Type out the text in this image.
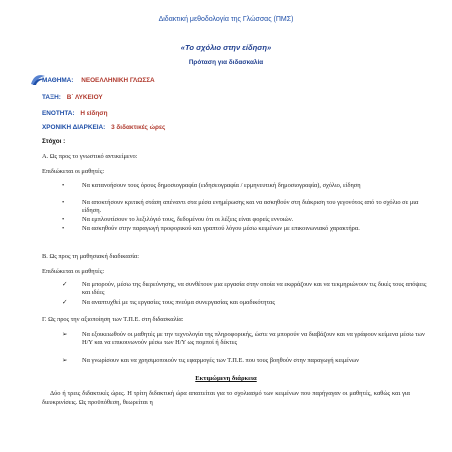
Διδακτική μεθοδολογία της Γλώσσας (ΠΜΣ)
«Το σχόλιο στην είδηση»
Πρόταση για διδασκαλία
ΜΑΘΗΜΑ: ΝΕΟΕΛΛΗΝΙΚΗ ΓΛΩΣΣΑ
ΤΑΞΗ: Β΄ ΛΥΚΕΙΟΥ
ΕΝΟΤΗΤΑ: Η είδηση
ΧΡΟΝΙΚΗ ΔΙΑΡΚΕΙΑ: 3 διδακτικές ώρες
Στόχοι :
Α. Ως προς το γνωστικό αντικείμενο:
Επιδιώκεται οι μαθητές:
•	Να κατανοήσουν τους όρους δημοσιογραφία (ειδησεογραφία / ερμηνευτική δημοσιογραφία), σχόλιο, είδηση
•	Να αποκτήσουν κριτική στάση απέναντι στα μέσα ενημέρωσης και να ασκηθούν στη διάκριση του γεγονότος από το σχόλιο σε μια είδηση.
•	Να εμπλουτίσουν το λεξιλόγιό τους, δεδομένου ότι οι λέξεις είναι φορείς εννοιών.
•	Να ασκηθούν στην παραγωγή προφορικού και γραπτού λόγου μέσω κειμένων με επικοινωνιακό χαρακτήρα.
Β. Ως προς τη μαθησιακή διαδικασία:
Επιδιώκεται οι μαθητές:
✓ Να μπορούν, μέσω της διερεύνησης, να συνθέτουν μια εργασία στην οποία να εκφράζουν και να τεκμηριώνουν τις δικές τους απόψεις και ιδέες
✓ Να αναπτυχθεί με τις εργασίες τους πνεύμα συνεργασίας και ομαδικότητας
Γ. Ως προς την αξιοποίηση των Τ.Π.Ε. στη διδασκαλία:
➢ Να εξοικειωθούν οι μαθητές με την τεχνολογία της πληροφορικής, ώστε να μπορούν να διαβάζουν και να γράφουν κείμενα μέσω των Η/Υ και να επικοινωνούν μέσω των Η/Υ ως πομποί ή δέκτες
➢ Να γνωρίσουν και να χρησιμοποιούν τις εφαρμογές των Τ.Π.Ε. που τους βοηθούν στην παραγωγή κειμένων
Εκτιμώμενη διάρκεια
Δύο ή τρεις διδακτικές ώρες. Η τρίτη διδακτική ώρα απαιτείται για το σχολιασμό των κειμένων που παρήγαγαν οι μαθητές, καθώς και για διευκρινίσεις. Ως προϋπόθεση, θεωρείται η
